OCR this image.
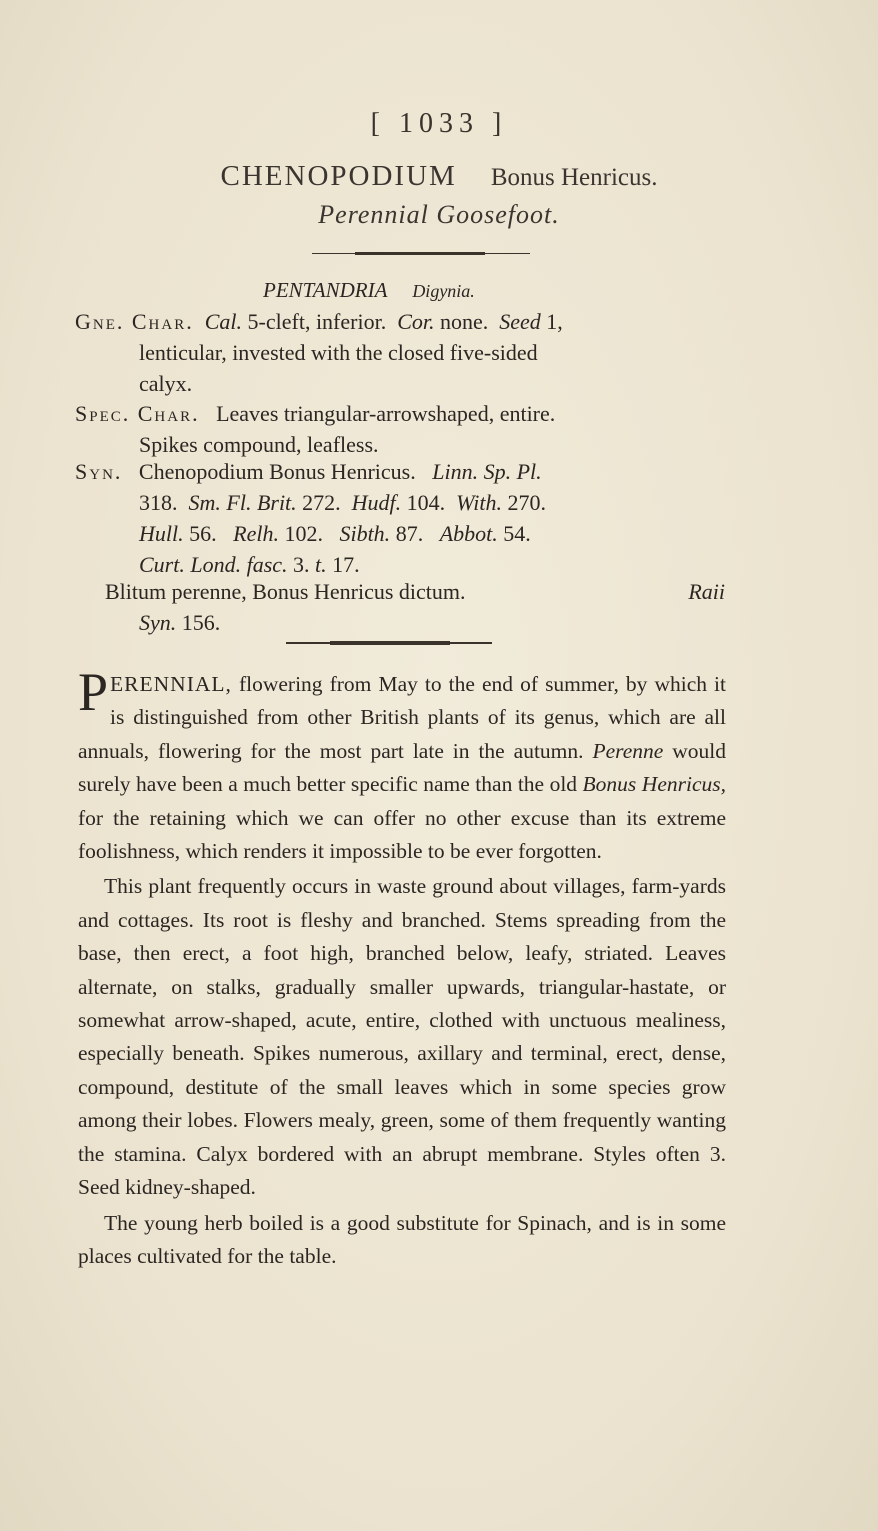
[ 1033 ]
CHENOPODIUM Bonus Henricus.
Perennial Goosefoot.
PENTANDRIA Digynia.
Gne. Char. Cal. 5-cleft, inferior. Cor. none. Seed 1,
lenticular, invested with the closed five-sided
calyx.
Spec. Char. Leaves triangular-arrowshaped, entire.
Spikes compound, leafless.
Syn. Chenopodium Bonus Henricus. Linn. Sp. Pl.
318. Sm. Fl. Brit. 272. Hudf. 104. With. 270.
Hull. 56. Relh. 102. Sibth. 87. Abbot. 54.
Curt. Lond. fasc. 3. t. 17.
Blitum perenne, Bonus Henricus dictum.	Raii
Syn. 156.

PERENNIAL, flowering from May to the end of summer, by which it is distinguished from other British plants of its genus, which are all annuals, flowering for the most part late in the autumn. Perenne would surely have been a much better specific name than the old Bonus Henricus, for the retaining which we can offer no other excuse than its extreme foolishness, which renders it impossible to be ever forgotten.

This plant frequently occurs in waste ground about villages, farm-yards and cottages. Its root is fleshy and branched. Stems spreading from the base, then erect, a foot high, branched below, leafy, striated. Leaves alternate, on stalks, gradually smaller upwards, triangular-hastate, or somewhat arrow-shaped, acute, entire, clothed with unctuous mealiness, especially beneath. Spikes numerous, axillary and terminal, erect, dense, compound, destitute of the small leaves which in some species grow among their lobes. Flowers mealy, green, some of them frequently wanting the stamina. Calyx bordered with an abrupt membrane. Styles often 3. Seed kidney-shaped.

The young herb boiled is a good substitute for Spinach, and is in some places cultivated for the table.
